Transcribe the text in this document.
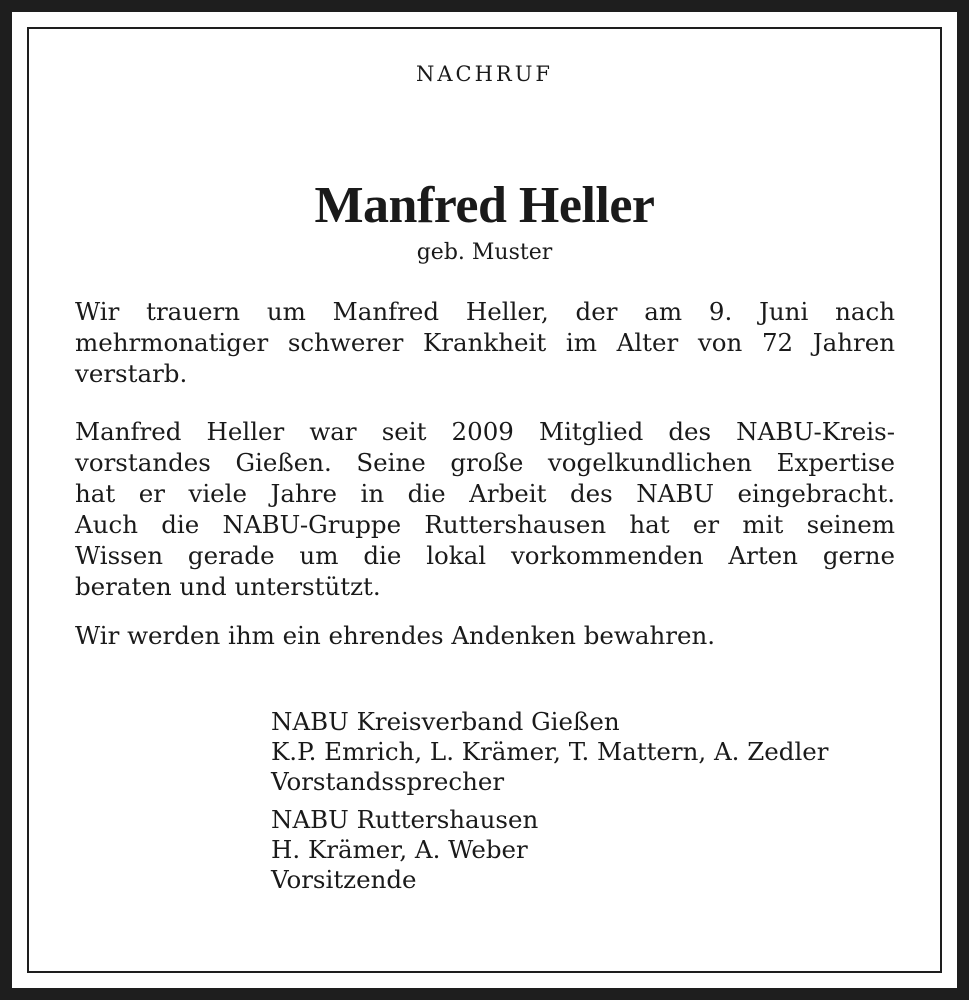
NACHRUF
Manfred Heller
geb. Muster
Wir trauern um Manfred Heller, der am 9. Juni nach
mehrmonatiger schwerer Krankheit im Alter von 72 Jahren
verstarb.
Manfred Heller war seit 2009 Mitglied des NABU-Kreis-
vorstandes Gießen. Seine große vogelkundlichen Expertise
hat er viele Jahre in die Arbeit des NABU eingebracht.
Auch die NABU-Gruppe Ruttershausen hat er mit seinem
Wissen gerade um die lokal vorkommenden Arten gerne
beraten und unterstützt.
Wir werden ihm ein ehrendes Andenken bewahren.
NABU Kreisverband Gießen
K.P. Emrich, L. Krämer, T. Mattern, A. Zedler
Vorstandssprecher
NABU Ruttershausen
H. Krämer, A. Weber
Vorsitzende
